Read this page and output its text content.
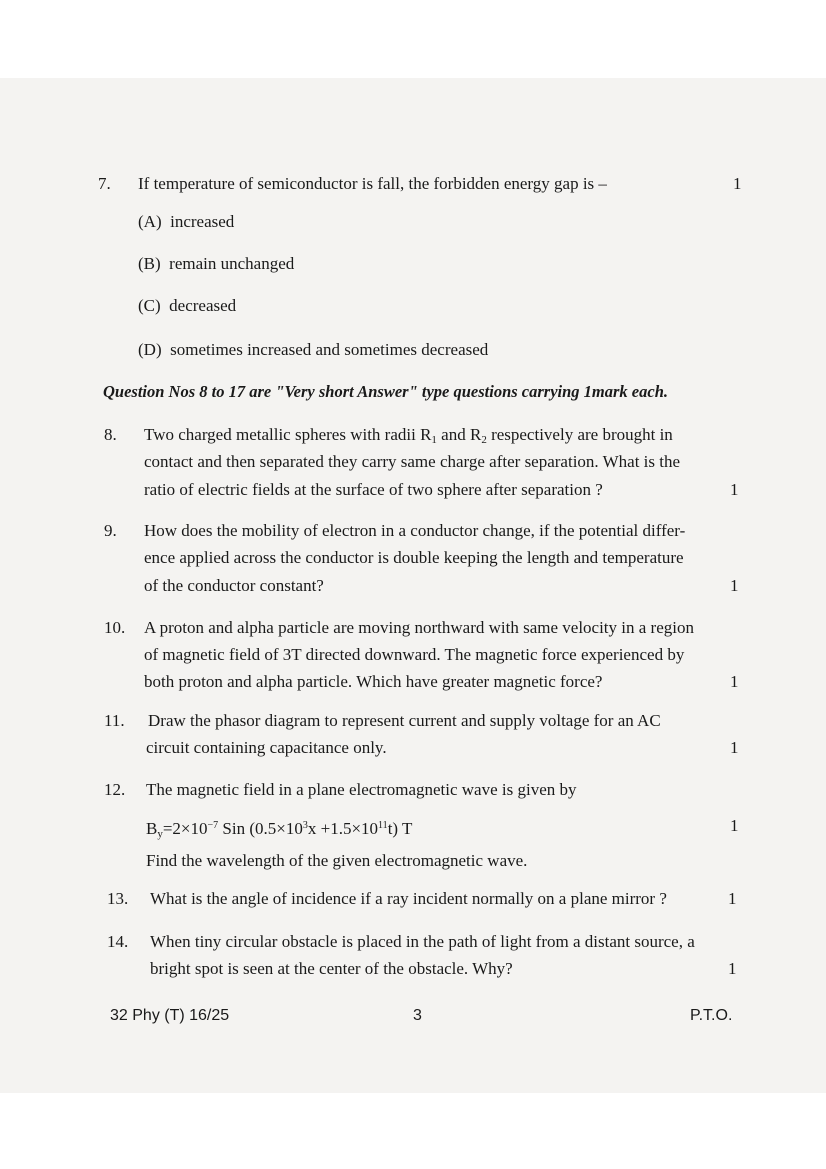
7. If temperature of semiconductor is fall, the forbidden energy gap is –	1
(A) increased
(B) remain unchanged
(C) decreased
(D) sometimes increased and sometimes decreased
Question Nos 8 to 17 are "Very short Answer" type questions carrying 1mark each.
8. Two charged metallic spheres with radii $R_1$ and $R_2$ respectively are brought in
contact and then separated they carry same charge after separation. What is the
ratio of electric fields at the surface of two sphere after separation ?	1
9. How does the mobility of electron in a conductor change, if the potential differ-
ence applied across the conductor is double keeping the length and temperature
of the conductor constant?	1
10. A proton and alpha particle are moving northward with same velocity in a region
of magnetic field of 3T directed downward. The magnetic force experienced by
both proton and alpha particle. Which have greater magnetic force?	1
11. Draw the phasor diagram to represent current and supply voltage for an AC
circuit containing capacitance only.	1
12. The magnetic field in a plane electromagnetic wave is given by
$B_y=2\times 10^{-7}$ Sin $(0.5\times 10^3x +1.5\times 10^{11}t)$ T	1
Find the wavelength of the given electromagnetic wave.
13. What is the angle of incidence if a ray incident normally on a plane mirror ?	1
14. When tiny circular obstacle is placed in the path of light from a distant source, a
bright spot is seen at the center of the obstacle. Why?	1
32 Phy (T) 16/25	3	P.T.O.
